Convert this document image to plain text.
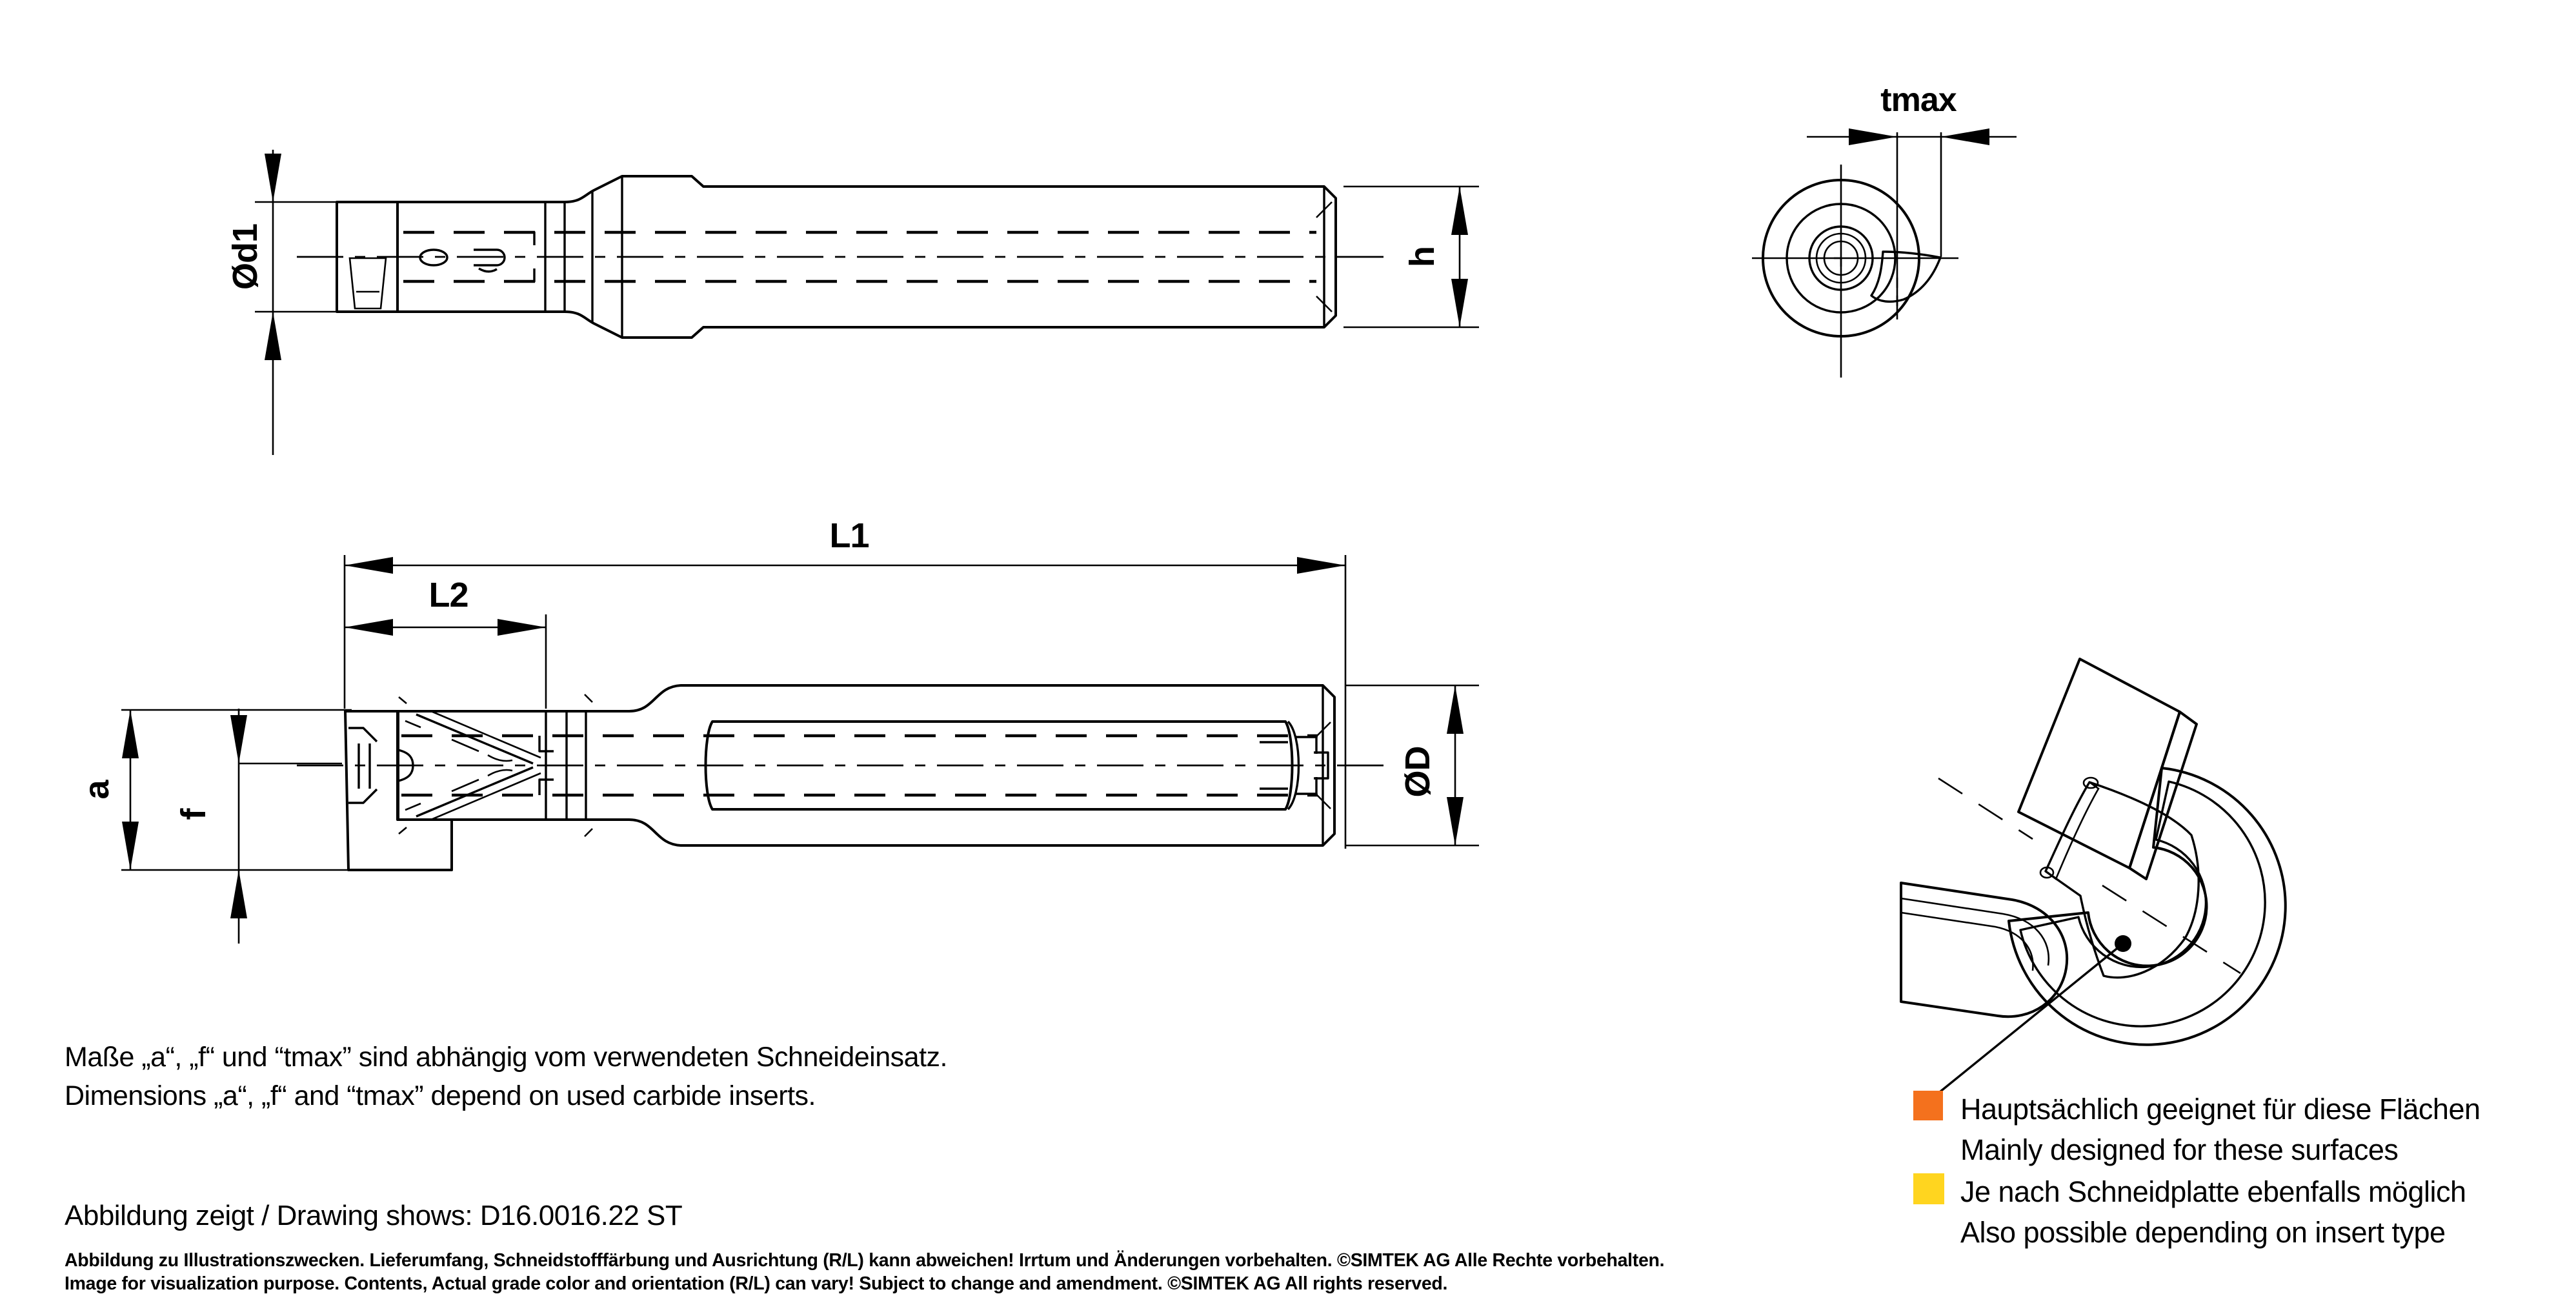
Ød1	h
tmax
L1
L2
a
f
ØD
Hauptsächlich geeignet für diese Flächen
Mainly designed for these surfaces
Je nach Schneidplatte ebenfalls möglich
Also possible depending on insert type
Maße „a“, „f“ und “tmax” sind abhängig vom verwendeten Schneideinsatz.
Dimensions „a“, „f“ and “tmax” depend on used carbide inserts.
Abbildung zeigt / Drawing shows: D16.0016.22 ST
Abbildung zu Illustrationszwecken. Lieferumfang, Schneidstofffärbung und Ausrichtung (R/L) kann abweichen! Irrtum und Änderungen vorbehalten. ©SIMTEK AG Alle Rechte vorbehalten.
Image for visualization purpose. Contents, Actual grade color and orientation (R/L) can vary! Subject to change and amendment. ©SIMTEK AG All rights reserved.
